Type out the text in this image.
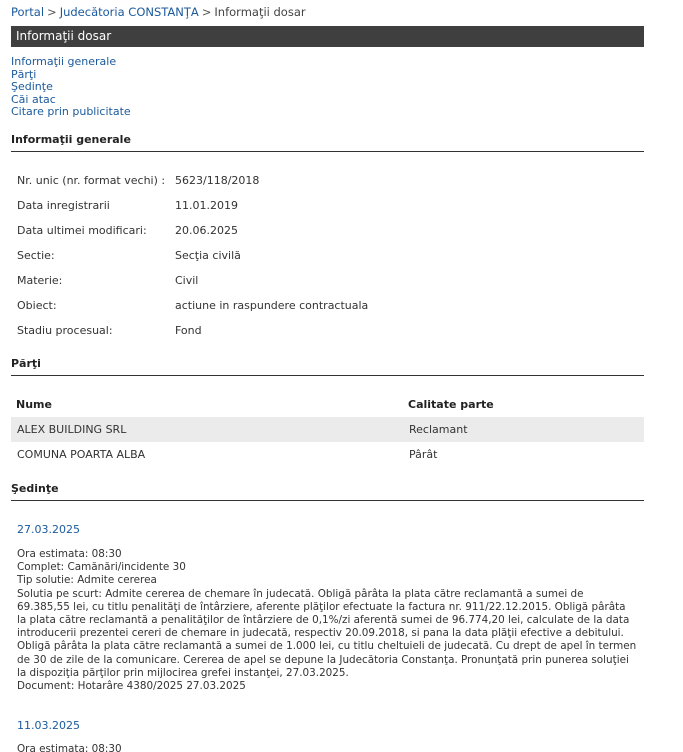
Portal > Judecătoria CONSTANŢA > Informaţii dosar
Informaţii dosar
Informaţii generale
Părţi
Şedinţe
Căi atac
Citare prin publicitate
Informaţii generale
Nr. unic (nr. format vechi) : 5623/118/2018
Data inregistrarii	11.01.2019
Data ultimei modificari:	20.06.2025
Sectie:	Secţia civilă
Materie:	Civil
Obiect:	actiune in raspundere contractuala
Stadiu procesual:	Fond
Părţi
Nume	Calitate parte
ALEX BUILDING SRL	Reclamant
COMUNA POARTA ALBA	Pârât
Şedinţe
27.03.2025
Ora estimata: 08:30
Complet: Camănări/incidente 30
Tip solutie: Admite cererea
Solutia pe scurt: Admite cererea de chemare în judecată. Obligă pârâta la plata către reclamantă a sumei de 69.385,55 lei, cu titlu penalităţi de întârziere, aferente plăţilor efectuate la factura nr. 911/22.12.2015. Obligă pârâta la plata către reclamantă a penalităţilor de întârziere de 0,1%/zi aferentă sumei de 96.774,20 lei, calculate de la data introducerii prezentei cereri de chemare in judecată, respectiv 20.09.2018, si pana la data plăţii efective a debitului. Obligă pârâta la plata către reclamantă a sumei de 1.000 lei, cu titlu cheltuieli de judecată. Cu drept de apel în termen de 30 de zile de la comunicare. Cererea de apel se depune la Judecătoria Constanţa. Pronunţată prin punerea soluţiei la dispoziţia părţilor prin mijlocirea grefei instanţei, 27.03.2025.
Document: Hotarâre 4380/2025 27.03.2025
11.03.2025
Ora estimata: 08:30
